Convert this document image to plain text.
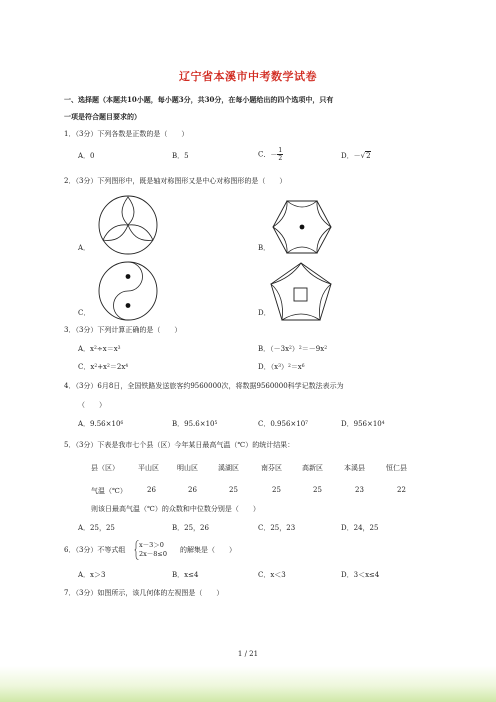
辽宁省本溪市中考数学试卷
一、选择题（本题共10小题，每小题3分，共30分，在每小题给出的四个选项中，只有
一项是符合题目要求的）
1．（3分）下列各数是正数的是（　　）
A．0	B．5	C．－ $\frac{1}{2}$	D．－√2
2．（3分）下列图形中，既是轴对称图形又是中心对称图形的是（　　）
A．	B．
C．	D．
3．（3分）下列计算正确的是（　　）
A．$x^2\div x=x^3$	B．$(-3x^2)^2=-9x^2$
C．$x^2+x^2=2x^4$	D．$(x^3)^2=x^6$
4．（3分）6月8日，全国铁路发送旅客约9560000次，将数据9560000科学记数法表示为
（　　）
A．$9.56\times 10^6$	B．$95.6\times 10^5$	C．$0.956\times 10^7$	D．$956\times 10^4$
5．（3分）下表是我市七个县（区）今年某日最高气温（℃）的统计结果：
县（区）	平山区	明山区	溪湖区	南芬区	高新区	本溪县	恒仁县
气温（℃）	26	26	25	25	25	23	22
则该日最高气温（℃）的众数和中位数分别是（　　）
A．25，25	B．25，26	C．25，23	D．24，25
6．（3分）不等式组
x－3＞0
2x－8≤0 的解集是（　　）
A．x＞3	B．x≤4	C．x＜3	D．3＜x≤4
7．（3分）如图所示，该几何体的左视图是（　　）
1 / 21
